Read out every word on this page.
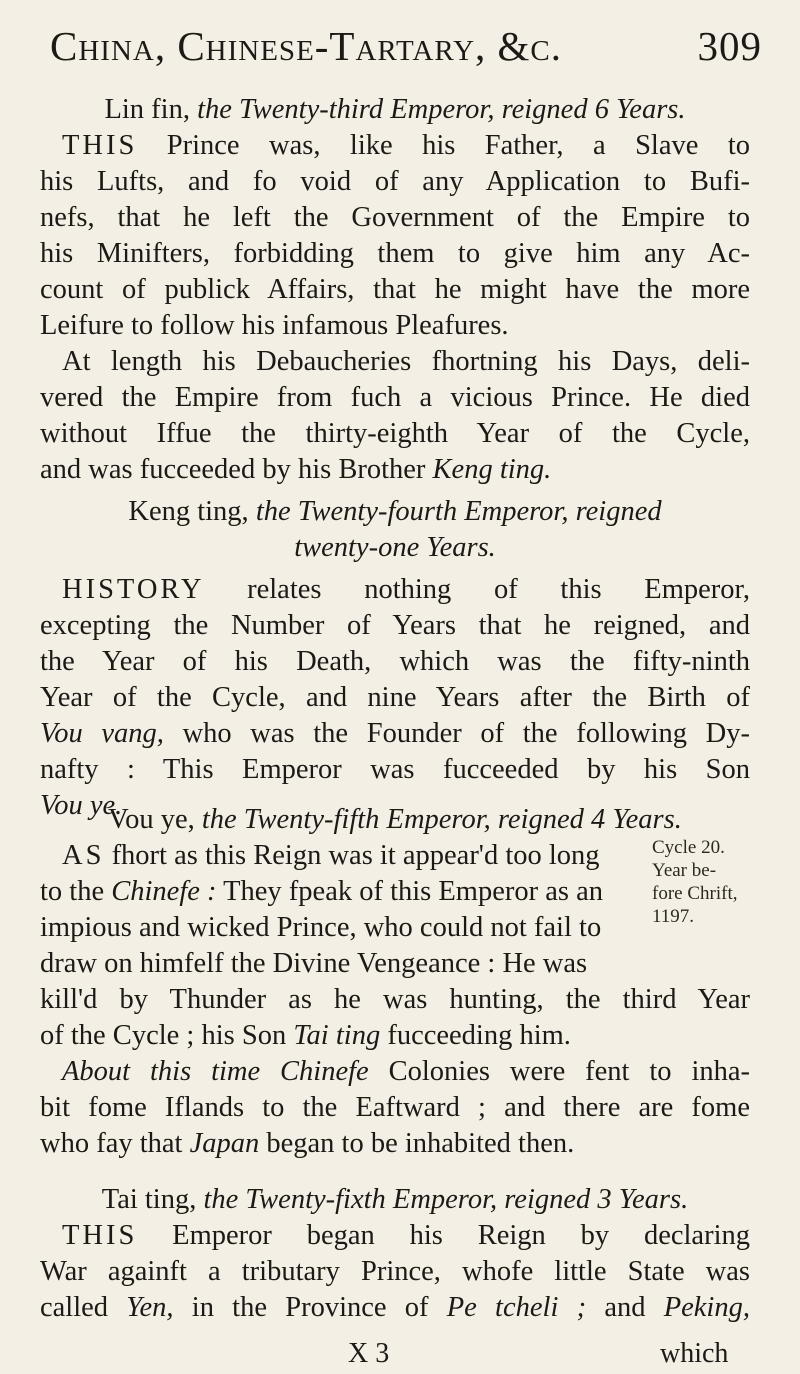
China, Chinese-Tartary, &c.	309
Lin fin, the Twenty-third Emperor, reigned 6 Years.
THIS Prince was, like his Father, a Slave to
his Lufts, and fo void of any Application to Bufi-
nefs, that he left the Government of the Empire to
his Minifters, forbidding them to give him any Ac-
count of publick Affairs, that he might have the more
Leifure to follow his infamous Pleafures.
At length his Debaucheries fhortning his Days, deli-
vered the Empire from fuch a vicious Prince. He died
without Iffue the thirty-eighth Year of the Cycle,
and was fucceeded by his Brother Keng ting.
Keng ting, the Twenty-fourth Emperor, reigned
twenty-one Years.
HISTORY relates nothing of this Emperor,
excepting the Number of Years that he reigned, and
the Year of his Death, which was the fifty-ninth
Year of the Cycle, and nine Years after the Birth of
Vou vang, who was the Founder of the following Dy-
nafty : This Emperor was fucceeded by his Son
Vou ye.
Vou ye, the Twenty-fifth Emperor, reigned 4 Years.
AS fhort as this Reign was it appear'd too long
to the Chinefe : They fpeak of this Emperor as an
impious and wicked Prince, who could not fail to
draw on himfelf the Divine Vengeance : He was
kill'd by Thunder as he was hunting, the third Year
of the Cycle ; his Son Tai ting fucceeding him.
About this time Chinefe Colonies were fent to inha-
bit fome Iflands to the Eaftward ; and there are fome
who fay that Japan began to be inhabited then.
Cycle 20.
Year be-
fore Chrift,
1197.
Tai ting, the Twenty-fixth Emperor, reigned 3 Years.
THIS Emperor began his Reign by declaring
War againft a tributary Prince, whofe little State was
called Yen, in the Province of Pe tcheli ; and Peking,
X 3	which
